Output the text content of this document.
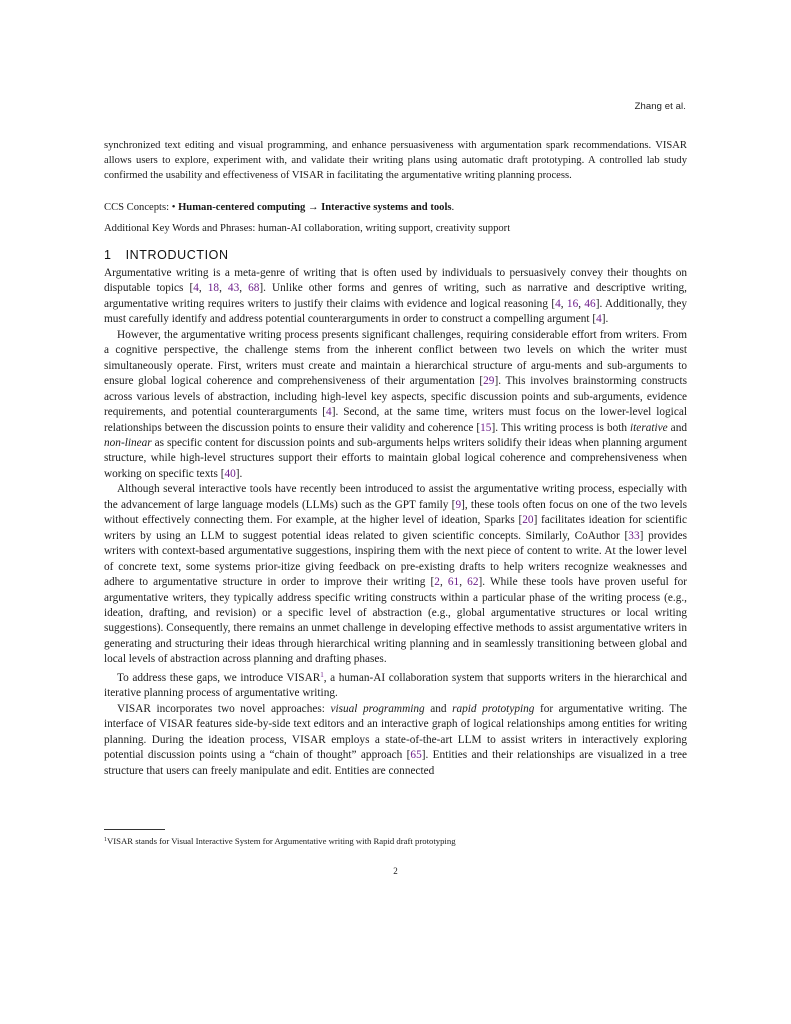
Zhang et al.
synchronized text editing and visual programming, and enhance persuasiveness with argumentation spark recommendations. VISAR allows users to explore, experiment with, and validate their writing plans using automatic draft prototyping. A controlled lab study confirmed the usability and effectiveness of VISAR in facilitating the argumentative writing planning process.
CCS Concepts: • Human-centered computing → Interactive systems and tools.
Additional Key Words and Phrases: human-AI collaboration, writing support, creativity support
1 INTRODUCTION

Argumentative writing is a meta-genre of writing that is often used by individuals to persuasively convey their thoughts on disputable topics [4, 18, 43, 68]. Unlike other forms and genres of writing, such as narrative and descriptive writing, argumentative writing requires writers to justify their claims with evidence and logical reasoning [4, 16, 46]. Additionally, they must carefully identify and address potential counterarguments in order to construct a compelling argument [4].

However, the argumentative writing process presents significant challenges, requiring considerable effort from writers. From a cognitive perspective, the challenge stems from the inherent conflict between two levels on which the writer must simultaneously operate. First, writers must create and maintain a hierarchical structure of argu-ments and sub-arguments to ensure global logical coherence and comprehensiveness of their argumentation [29]. This involves brainstorming constructs across various levels of abstraction, including high-level key aspects, specific discussion points and sub-arguments, evidence requirements, and potential counterarguments [4]. Second, at the same time, writers must focus on the lower-level logical relationships between the discussion points to ensure their validity and coherence [15]. This writing process is both iterative and non-linear as specific content for discussion points and sub-arguments helps writers solidify their ideas when planning argument structure, while high-level structures support their efforts to maintain global logical coherence and comprehensiveness when working on specific texts [40].

Although several interactive tools have recently been introduced to assist the argumentative writing process, especially with the advancement of large language models (LLMs) such as the GPT family [9], these tools often focus on one of the two levels without effectively connecting them. For example, at the higher level of ideation, Sparks [20] facilitates ideation for scientific writers by using an LLM to suggest potential ideas related to given scientific concepts. Similarly, CoAuthor [33] provides writers with context-based argumentative suggestions, inspiring them with the next piece of content to write. At the lower level of concrete text, some systems prior-itize giving feedback on pre-existing drafts to help writers recognize weaknesses and adhere to argumentative structure in order to improve their writing [2, 61, 62]. While these tools have proven useful for argumentative writers, they typically address specific writing constructs within a particular phase of the writing process (e.g., ideation, drafting, and revision) or a specific level of abstraction (e.g., global argumentative structures or local writing suggestions). Consequently, there remains an unmet challenge in developing effective methods to assist argumentative writers in generating and structuring their ideas through hierarchical writing planning and in seamlessly transitioning between global and local levels of abstraction across planning and drafting phases.

To address these gaps, we introduce VISAR$^1$, a human-AI collaboration system that supports writers in the hierarchical and iterative planning process of argumentative writing.

VISAR incorporates two novel approaches: visual programming and rapid prototyping for argumentative writing. The interface of VISAR features side-by-side text editors and an interactive graph of logical relationships among entities for writing planning. During the ideation process, VISAR employs a state-of-the-art LLM to assist writers in interactively exploring potential discussion points using a “chain of thought” approach [65]. Entities and their relationships are visualized in a tree structure that users can freely manipulate and edit. Entities are connected

$^1$VISAR stands for Visual Interactive System for Argumentative writing with Rapid draft prototyping
2
